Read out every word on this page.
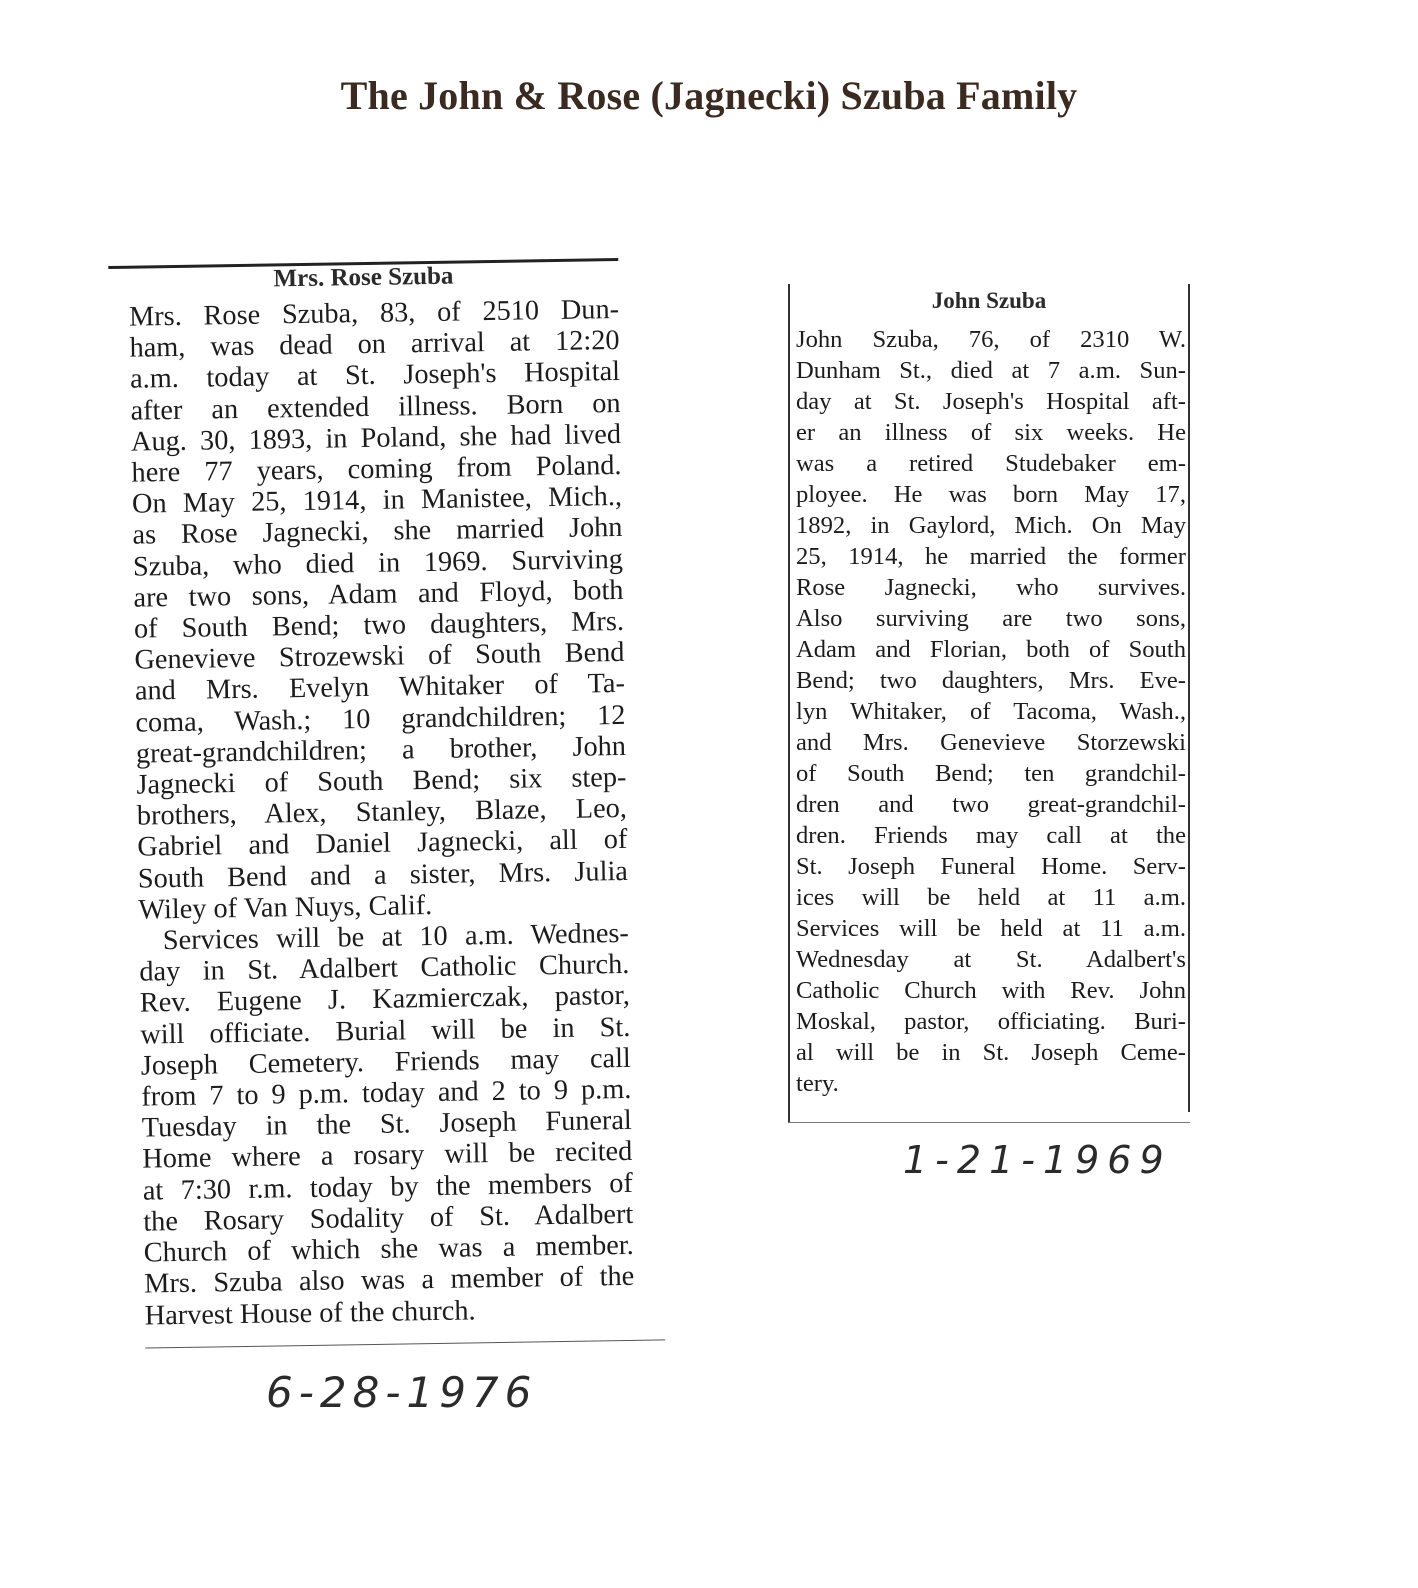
The John & Rose (Jagnecki) Szuba Family
Mrs. Rose Szuba
Mrs. Rose Szuba, 83, of 2510 Dun-
ham, was dead on arrival at 12:20
a.m. today at St. Joseph's Hospital
after an extended illness. Born on
Aug. 30, 1893, in Poland, she had lived
here 77 years, coming from Poland.
On May 25, 1914, in Manistee, Mich.,
as Rose Jagnecki, she married John
Szuba, who died in 1969. Surviving
are two sons, Adam and Floyd, both
of South Bend; two daughters, Mrs.
Genevieve Strozewski of South Bend
and Mrs. Evelyn Whitaker of Ta-
coma, Wash.; 10 grandchildren; 12
great-grandchildren; a brother, John
Jagnecki of South Bend; six step-
brothers, Alex, Stanley, Blaze, Leo,
Gabriel and Daniel Jagnecki, all of
South Bend and a sister, Mrs. Julia
Wiley of Van Nuys, Calif.
Services will be at 10 a.m. Wednes-
day in St. Adalbert Catholic Church.
Rev. Eugene J. Kazmierczak, pastor,
will officiate. Burial will be in St.
Joseph Cemetery. Friends may call
from 7 to 9 p.m. today and 2 to 9 p.m.
Tuesday in the St. Joseph Funeral
Home where a rosary will be recited
at 7:30 r.m. today by the members of
the Rosary Sodality of St. Adalbert
Church of which she was a member.
Mrs. Szuba also was a member of the
Harvest House of the church.
John Szuba
John Szuba, 76, of 2310 W.
Dunham St., died at 7 a.m. Sun-
day at St. Joseph's Hospital aft-
er an illness of six weeks. He
was a retired Studebaker em-
ployee. He was born May 17,
1892, in Gaylord, Mich. On May
25, 1914, he married the former
Rose Jagnecki, who survives.
Also surviving are two sons,
Adam and Florian, both of South
Bend; two daughters, Mrs. Eve-
lyn Whitaker, of Tacoma, Wash.,
and Mrs. Genevieve Storzewski
of South Bend; ten grandchil-
dren and two great-grandchil-
dren. Friends may call at the
St. Joseph Funeral Home. Serv-
ices will be held at 11 a.m.
Services will be held at 11 a.m.
Wednesday at St. Adalbert's
Catholic Church with Rev. John
Moskal, pastor, officiating. Buri-
al will be in St. Joseph Ceme-
tery.
6-28-1976
1-21-1969
